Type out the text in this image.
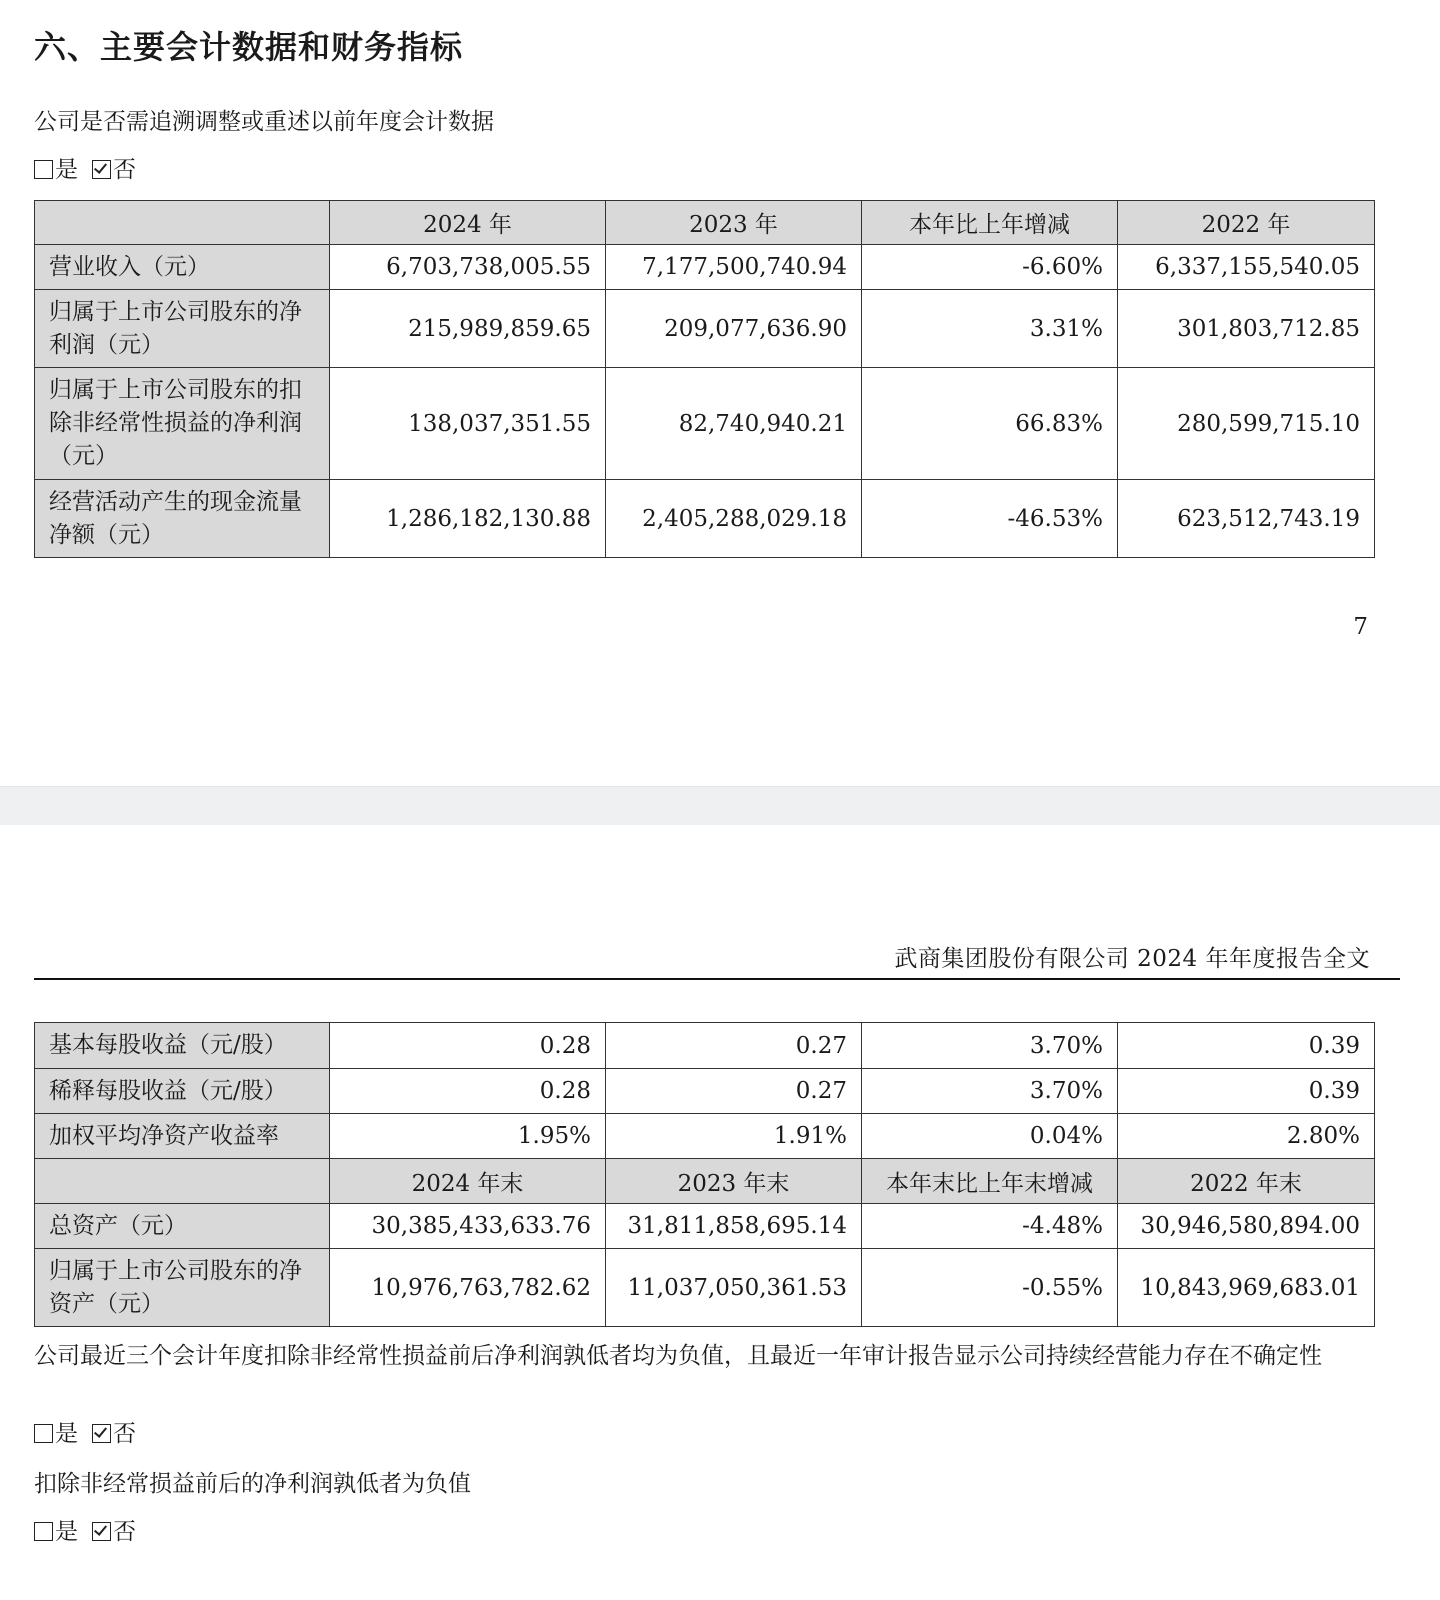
六、主要会计数据和财务指标
公司是否需追溯调整或重述以前年度会计数据
是 否
	2024 年	2023 年	本年比上年增减	2022 年
营业收入（元）	6,703,738,005.55	7,177,500,740.94	-6.60%	6,337,155,540.05
归属于上市公司股东的净利润（元）	215,989,859.65	209,077,636.90	3.31%	301,803,712.85
归属于上市公司股东的扣除非经常性损益的净利润（元）	138,037,351.55	82,740,940.21	66.83%	280,599,715.10
经营活动产生的现金流量净额（元）	1,286,182,130.88	2,405,288,029.18	-46.53%	623,512,743.19
7
武商集团股份有限公司 2024 年年度报告全文
基本每股收益（元/股）	0.28	0.27	3.70%	0.39
稀释每股收益（元/股）	0.28	0.27	3.70%	0.39
加权平均净资产收益率	1.95%	1.91%	0.04%	2.80%
	2024 年末	2023 年末	本年末比上年末增减	2022 年末
总资产（元）	30,385,433,633.76	31,811,858,695.14	-4.48%	30,946,580,894.00
归属于上市公司股东的净资产（元）	10,976,763,782.62	11,037,050,361.53	-0.55%	10,843,969,683.01
公司最近三个会计年度扣除非经常性损益前后净利润孰低者均为负值，且最近一年审计报告显示公司持续经营能力存在不确定性
是 否
扣除非经常损益前后的净利润孰低者为负值
是 否
